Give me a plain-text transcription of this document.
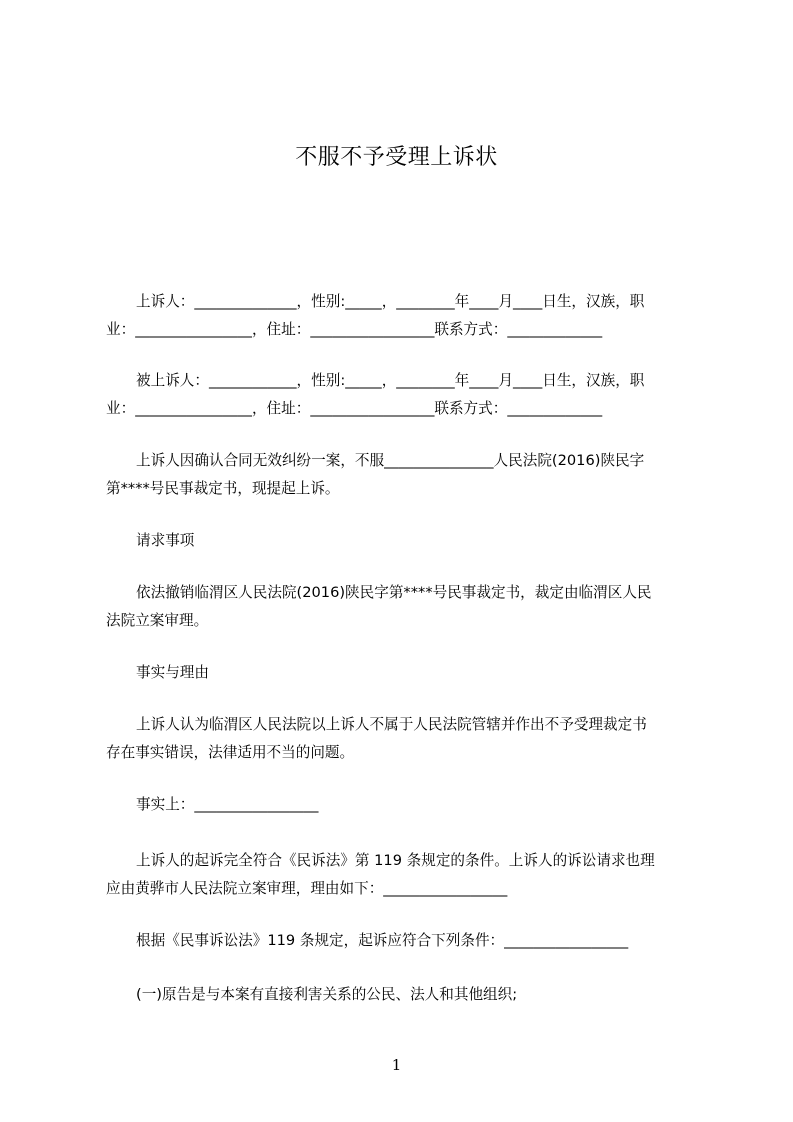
不服不予受理上诉状
上诉人：______________，性别:_____，________年____月____日生，汉族，职
业：________________，住址：_________________联系方式：_____________
被上诉人：____________，性别:_____，________年____月____日生，汉族，职
业：________________，住址：_________________联系方式：_____________
上诉人因确认合同无效纠纷一案，不服_______________人民法院(2016)陕民字
第****号民事裁定书，现提起上诉。
请求事项
依法撤销临渭区人民法院(2016)陕民字第****号民事裁定书，裁定由临渭区人民
法院立案审理。
事实与理由
上诉人认为临渭区人民法院以上诉人不属于人民法院管辖并作出不予受理裁定书
存在事实错误，法律适用不当的问题。
事实上：_________________
上诉人的起诉完全符合《民诉法》第 119 条规定的条件。上诉人的诉讼请求也理
应由黄骅市人民法院立案审理，理由如下：_________________
根据《民事诉讼法》119 条规定，起诉应符合下列条件：_________________
(一)原告是与本案有直接利害关系的公民、法人和其他组织;
1
